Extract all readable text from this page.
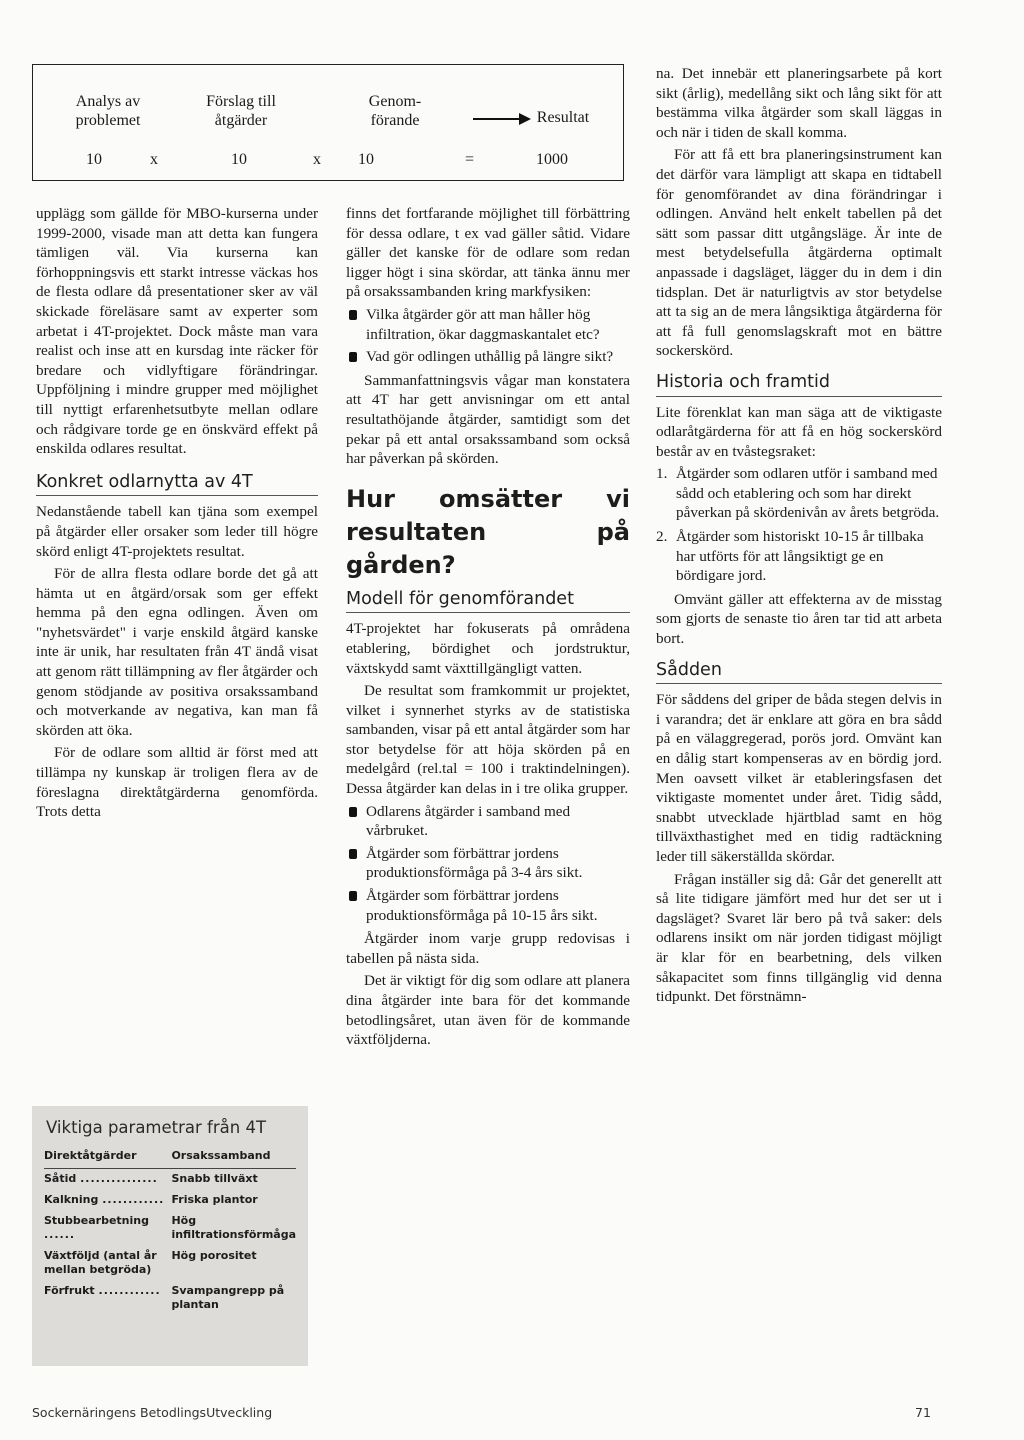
Analys av
problemet
Förslag till
åtgärder
Genom-
förande	Resultat
10	x	10	x 10	=	1000

upplägg som gällde för MBO-kurserna under 1999-2000, visade man att detta kan fungera tämligen väl. Via kurserna kan förhoppningsvis ett starkt intresse väckas hos de flesta odlare då presentationer sker av väl skickade föreläsare samt av experter som arbetat i 4T-projektet. Dock måste man vara realist och inse att en kursdag inte räcker för bredare och vidlyftigare förändringar. Uppföljning i mindre grupper med möjlighet till nyttigt erfarenhetsutbyte mellan odlare och rådgivare torde ge en önskvärd effekt på enskilda odlares resultat.

Konkret odlarnytta av 4T

Nedanstående tabell kan tjäna som exempel på åtgärder eller orsaker som leder till högre skörd enligt 4T-projektets resultat.

För de allra flesta odlare borde det gå att hämta ut en åtgärd/orsak som ger effekt hemma på den egna odlingen. Även om "nyhetsvärdet" i varje enskild åtgärd kanske inte är unik, har resultaten från 4T ändå visat att genom rätt tillämpning av fler åtgärder och genom stödjande av positiva orsakssamband och motverkande av negativa, kan man få skörden att öka.

För de odlare som alltid är först med att tillämpa ny kunskap är troligen flera av de föreslagna direktåtgärderna genomförda. Trots detta

Viktiga parametrar från 4T
Direktåtgärder	Orsakssamband
Såtid ...............	Snabb tillväxt
Kalkning ............	Friska plantor
Stubbearbetning ......	Hög infiltrationsförmåga
Växtföljd (antal år mellan betgröda)	Hög porositet
Förfrukt ............	Svampangrepp på plantan

finns det fortfarande möjlighet till förbättring för dessa odlare, t ex vad gäller såtid. Vidare gäller det kanske för de odlare som redan ligger högt i sina skördar, att tänka ännu mer på orsakssambanden kring markfysiken:

Vilka åtgärder gör att man håller hög infiltration, ökar daggmaskantalet etc?
Vad gör odlingen uthållig på längre sikt?

Sammanfattningsvis vågar man konstatera att 4T har gett anvisningar om ett antal resultathöjande åtgärder, samtidigt som det pekar på ett antal orsakssamband som också har påverkan på skörden.

Hur omsätter vi resultaten på gården?
Modell för genomförandet

4T-projektet har fokuserats på områdena etablering, bördighet och jordstruktur, växtskydd samt växttillgängligt vatten.

De resultat som framkommit ur projektet, vilket i synnerhet styrks av de statistiska sambanden, visar på ett antal åtgärder som har stor betydelse för att höja skörden på en medelgård (rel.tal = 100 i traktindelningen). Dessa åtgärder kan delas in i tre olika grupper.

Odlarens åtgärder i samband med vårbruket.
Åtgärder som förbättrar jordens produktionsförmåga på 3-4 års sikt.
Åtgärder som förbättrar jordens produktionsförmåga på 10-15 års sikt.

Åtgärder inom varje grupp redovisas i tabellen på nästa sida.

Det är viktigt för dig som odlare att planera dina åtgärder inte bara för det kommande betodlingsåret, utan även för de kommande växtföljderna.

na. Det innebär ett planeringsarbete på kort sikt (årlig), medellång sikt och lång sikt för att bestämma vilka åtgärder som skall läggas in och när i tiden de skall komma.

För att få ett bra planeringsinstrument kan det därför vara lämpligt att skapa en tidtabell för genomförandet av dina förändringar i odlingen. Använd helt enkelt tabellen på det sätt som passar ditt utgångsläge. Är inte de mest betydelsefulla åtgärderna optimalt anpassade i dagsläget, lägger du in dem i din tidsplan. Det är naturligtvis av stor betydelse att ta sig an de mera långsiktiga åtgärderna för att få full genomslagskraft mot en bättre sockerskörd.

Historia och framtid

Lite förenklat kan man säga att de viktigaste odlaråtgärderna för att få en hög sockerskörd består av en tvåstegsraket:

1. Åtgärder som odlaren utför i samband med sådd och etablering och som har direkt påverkan på skördenivån av årets betgröda.
2. Åtgärder som historiskt 10-15 år tillbaka har utförts för att långsiktigt ge en bördigare jord.

Omvänt gäller att effekterna av de misstag som gjorts de senaste tio åren tar tid att arbeta bort.

Sådden

För såddens del griper de båda stegen delvis in i varandra; det är enklare att göra en bra sådd på en välaggregerad, porös jord. Omvänt kan en dålig start kompenseras av en bördig jord. Men oavsett vilket är etableringsfasen det viktigaste momentet under året. Tidig sådd, snabbt utvecklade hjärtblad samt en hög tillväxthastighet med en tidig radtäckning leder till säkerställda skördar.

Frågan inställer sig då: Går det generellt att så lite tidigare jämfört med hur det ser ut i dagsläget? Svaret lär bero på två saker: dels odlarens insikt om när jorden tidigast möjligt är klar för en bearbetning, dels vilken såkapacitet som finns tillgänglig vid denna tidpunkt. Det förstnämn-

Sockernäringens BetodlingsUtveckling	71
